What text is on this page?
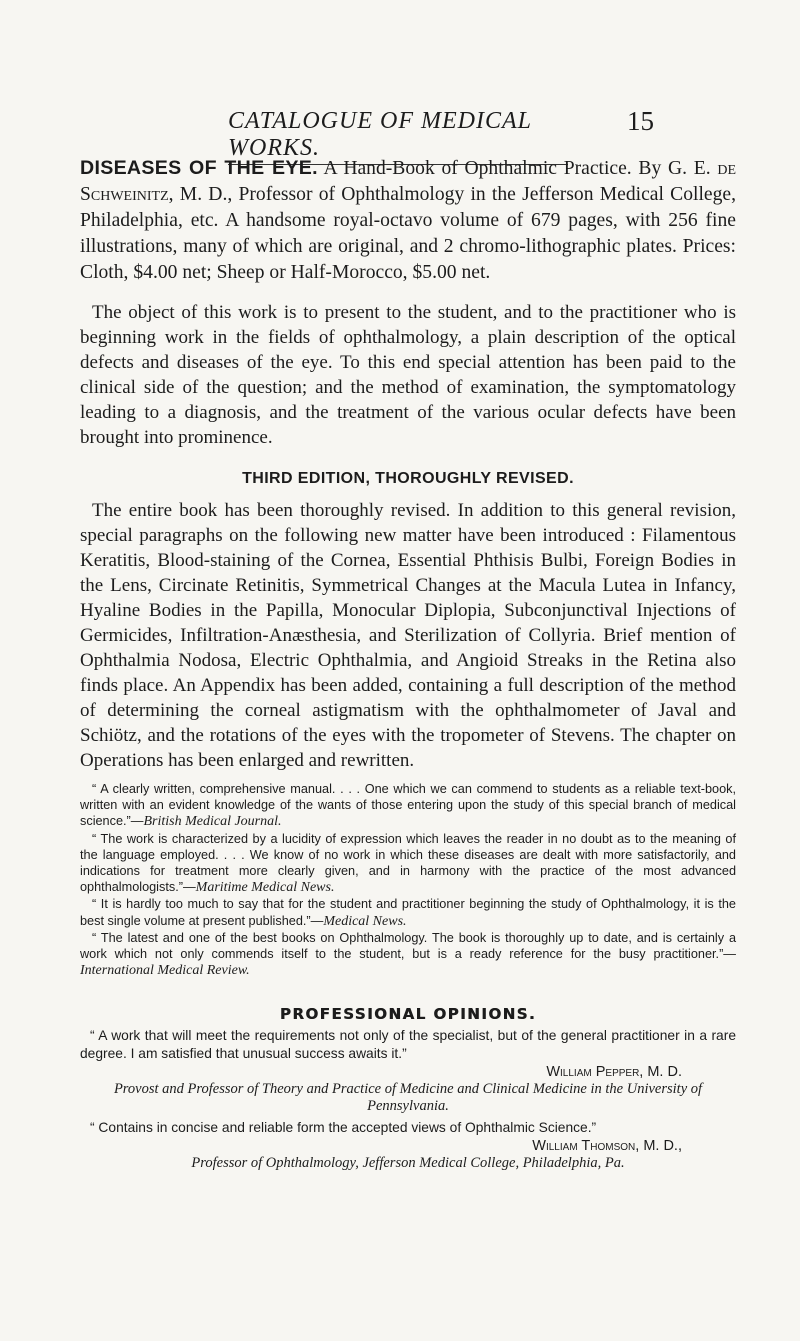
CATALOGUE OF MEDICAL WORKS.
15

DISEASES OF THE EYE. A Hand-Book of Ophthalmic Practice. By G. E. de Schweinitz, M. D., Professor of Ophthalmology in the Jefferson Medical College, Philadelphia, etc. A handsome royal-octavo volume of 679 pages, with 256 fine illustrations, many of which are original, and 2 chromo-lithographic plates. Prices: Cloth, $4.00 net; Sheep or Half-Morocco, $5.00 net.

The object of this work is to present to the student, and to the practitioner who is beginning work in the fields of ophthalmology, a plain description of the optical defects and diseases of the eye. To this end special attention has been paid to the clinical side of the question; and the method of examination, the symptomatology leading to a diagnosis, and the treatment of the various ocular defects have been brought into prominence.

THIRD EDITION, THOROUGHLY REVISED.

The entire book has been thoroughly revised. In addition to this general revision, special paragraphs on the following new matter have been introduced : Filamentous Keratitis, Blood-staining of the Cornea, Essential Phthisis Bulbi, Foreign Bodies in the Lens, Circinate Retinitis, Symmetrical Changes at the Macula Lutea in Infancy, Hyaline Bodies in the Papilla, Monocular Diplopia, Subconjunctival Injections of Germicides, Infiltration-Anæsthesia, and Sterilization of Collyria. Brief mention of Ophthalmia Nodosa, Electric Ophthalmia, and Angioid Streaks in the Retina also finds place. An Appendix has been added, containing a full description of the method of determining the corneal astigmatism with the ophthalmometer of Javal and Schiötz, and the rotations of the eyes with the tropometer of Stevens. The chapter on Operations has been enlarged and rewritten.

“ A clearly written, comprehensive manual. . . . One which we can commend to students as a reliable text-book, written with an evident knowledge of the wants of those entering upon the study of this special branch of medical science.”—British Medical Journal.

“ The work is characterized by a lucidity of expression which leaves the reader in no doubt as to the meaning of the language employed. . . . We know of no work in which these diseases are dealt with more satisfactorily, and indications for treatment more clearly given, and in harmony with the practice of the most advanced ophthalmologists.”—Maritime Medical News.

“ It is hardly too much to say that for the student and practitioner beginning the study of Ophthalmology, it is the best single volume at present published.”—Medical News.

“ The latest and one of the best books on Ophthalmology. The book is thoroughly up to date, and is certainly a work which not only commends itself to the student, but is a ready reference for the busy practitioner.”—International Medical Review.

PROFESSIONAL OPINIONS.

“ A work that will meet the requirements not only of the specialist, but of the general practitioner in a rare degree. I am satisfied that unusual success awaits it.”

William Pepper, M. D.
Provost and Professor of Theory and Practice of Medicine and Clinical Medicine in the University of Pennsylvania.

“ Contains in concise and reliable form the accepted views of Ophthalmic Science.”

William Thomson, M. D.,
Professor of Ophthalmology, Jefferson Medical College, Philadelphia, Pa.
